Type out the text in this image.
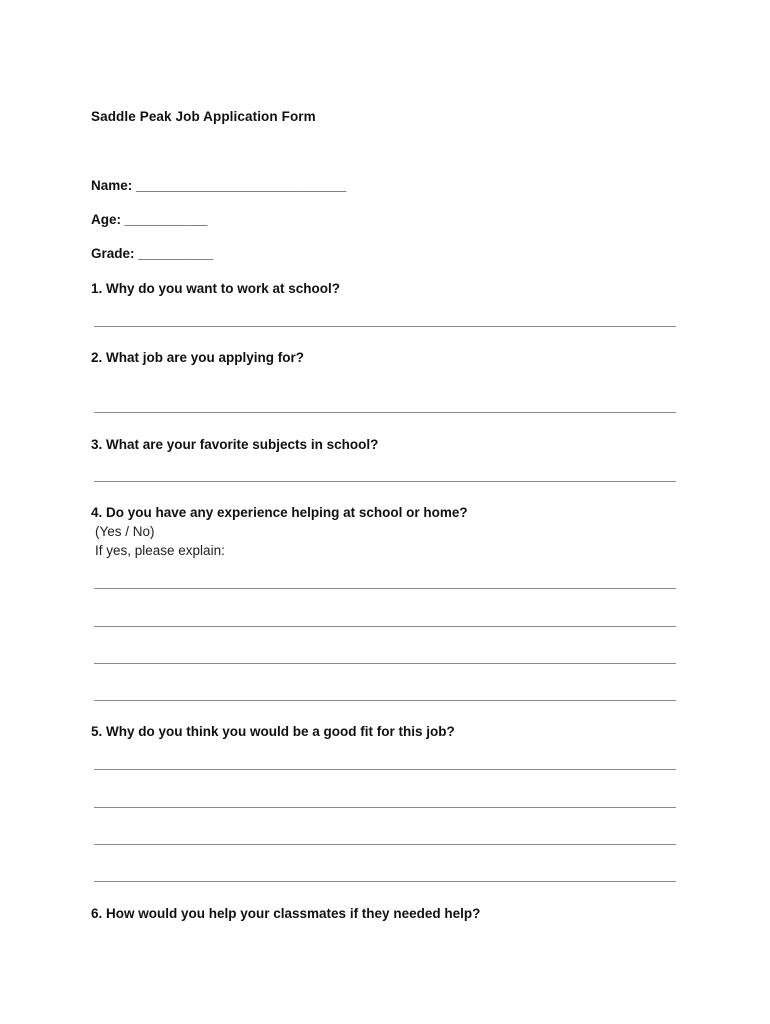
Saddle Peak Job Application Form
Name: ____________________________
Age: ___________
Grade: __________
1. Why do you want to work at school?
2. What job are you applying for?
3. What are your favorite subjects in school?
4. Do you have any experience helping at school or home?
(Yes / No)
If yes, please explain:
5. Why do you think you would be a good fit for this job?
6. How would you help your classmates if they needed help?
